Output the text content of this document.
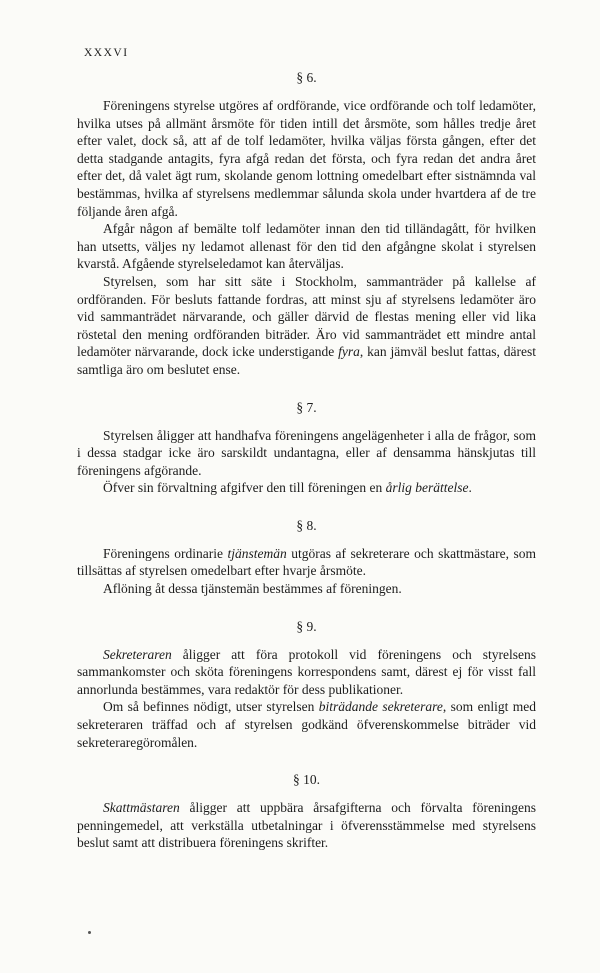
XXXVI
§ 6.

Föreningens styrelse utgöres af ordförande, vice ordförande och tolf ledamöter, hvilka utses på allmänt årsmöte för tiden intill det årsmöte, som hålles tredje året efter valet, dock så, att af de tolf ledamöter, hvilka väljas första gången, efter det detta stadgande antagits, fyra afgå redan det första, och fyra redan det andra året efter det, då valet ägt rum, skolande genom lottning omedelbart efter sistnämnda val bestämmas, hvilka af styrelsens medlemmar sålunda skola under hvartdera af de tre följande åren afgå.

Afgår någon af bemälte tolf ledamöter innan den tid tilländagått, för hvilken han utsetts, väljes ny ledamot allenast för den tid den afgångne skolat i styrelsen kvarstå. Afgående styrelseledamot kan återväljas.

Styrelsen, som har sitt säte i Stockholm, sammanträder på kallelse af ordföranden. För besluts fattande fordras, att minst sju af styrelsens ledamöter äro vid sammanträdet närvarande, och gäller därvid de flestas mening eller vid lika röstetal den mening ordföranden biträder. Äro vid sammanträdet ett mindre antal ledamöter närvarande, dock icke understigande fyra, kan jämväl beslut fattas, därest samtliga äro om beslutet ense.

§ 7.

Styrelsen åligger att handhafva föreningens angelägenheter i alla de frågor, som i dessa stadgar icke äro sarskildt undantagna, eller af densamma hänskjutas till föreningens afgörande.

Öfver sin förvaltning afgifver den till föreningen en årlig berättelse.

§ 8.

Föreningens ordinarie tjänstemän utgöras af sekreterare och skattmästare, som tillsättas af styrelsen omedelbart efter hvarje årsmöte.

Aflöning åt dessa tjänstemän bestämmes af föreningen.

§ 9.

Sekreteraren åligger att föra protokoll vid föreningens och styrelsens sammankomster och sköta föreningens korrespondens samt, därest ej för visst fall annorlunda bestämmes, vara redaktör för dess publikationer.

Om så befinnes nödigt, utser styrelsen biträdande sekreterare, som enligt med sekreteraren träffad och af styrelsen godkänd öfverenskommelse biträder vid sekreteraregöromålen.

§ 10.

Skattmästaren åligger att uppbära årsafgifterna och förvalta föreningens penningemedel, att verkställa utbetalningar i öfverensstämmelse med styrelsens beslut samt att distribuera föreningens skrifter.
